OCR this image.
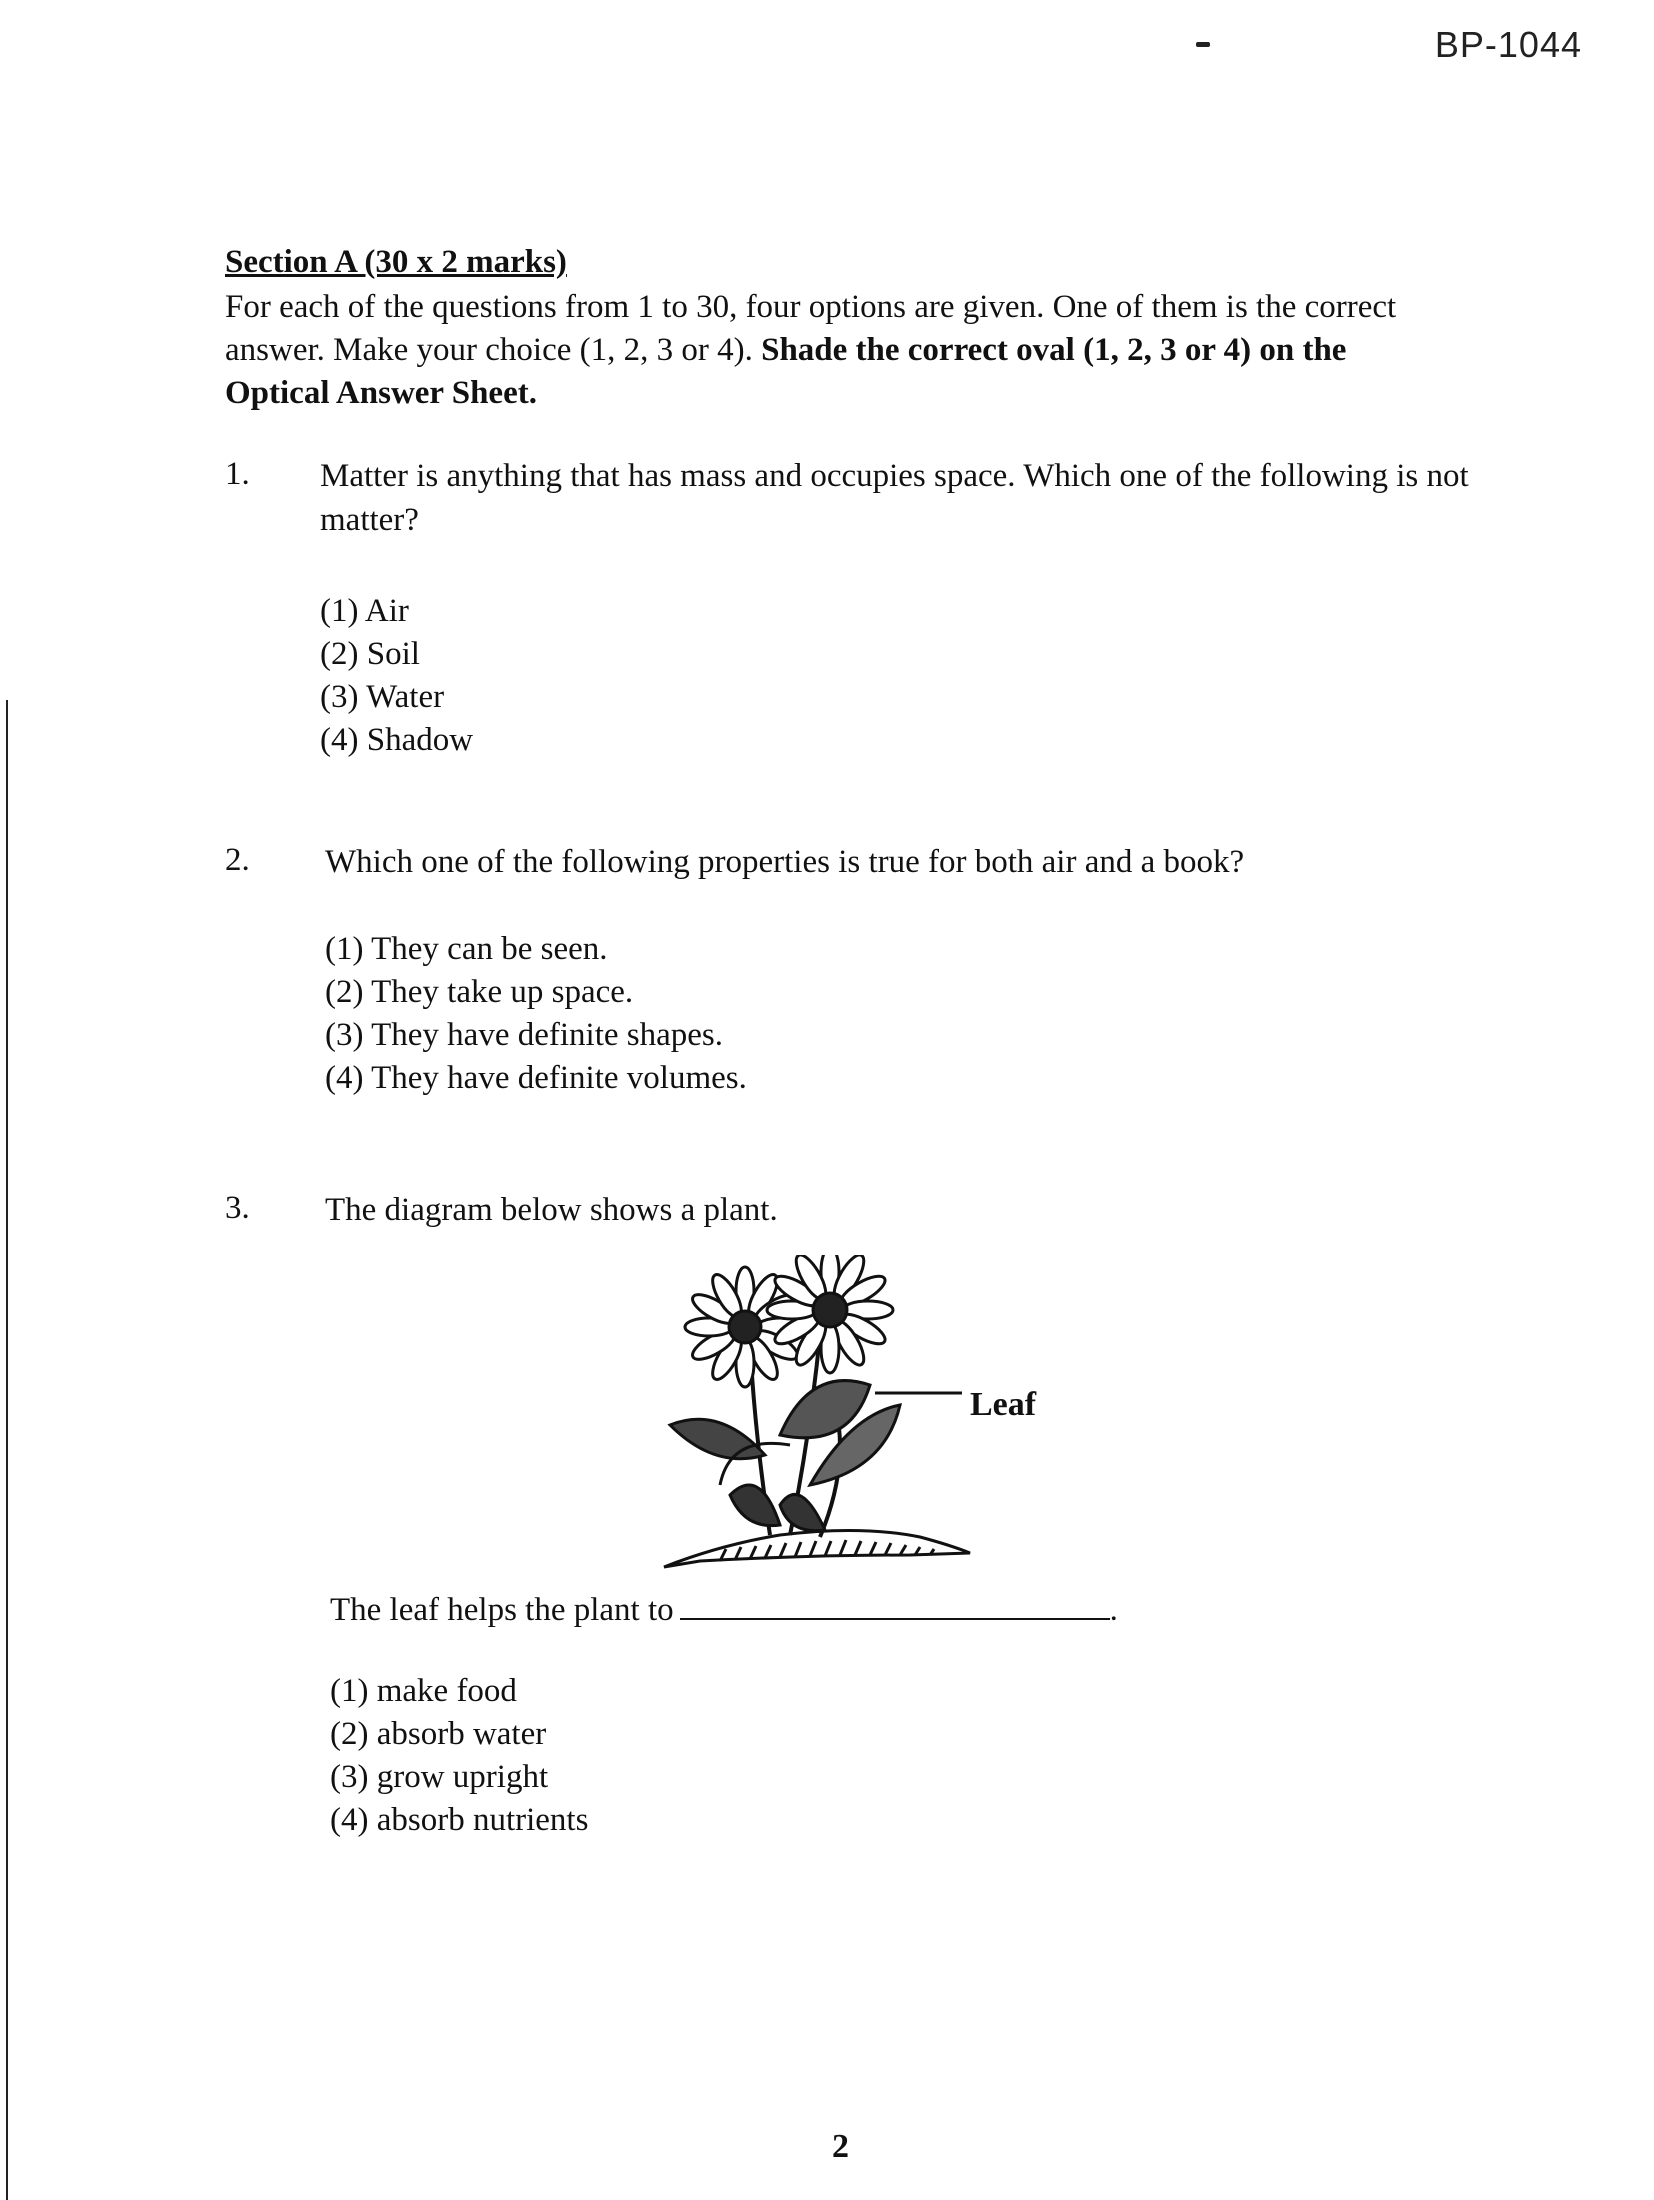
BP-1044
Section A (30 x 2 marks)
For each of the questions from 1 to 30, four options are given. One of them is the correct answer. Make your choice (1, 2, 3 or 4). Shade the correct oval (1, 2, 3 or 4) on the Optical Answer Sheet.
1. Matter is anything that has mass and occupies space. Which one of the following is not matter?
(1) Air
(2) Soil
(3) Water
(4) Shadow
2. Which one of the following properties is true for both air and a book?
(1) They can be seen.
(2) They take up space.
(3) They have definite shapes.
(4) They have definite volumes.
3. The diagram below shows a plant.
Leaf
The leaf helps the plant to	.
(1) make food
(2) absorb water
(3) grow upright
(4) absorb nutrients
2
